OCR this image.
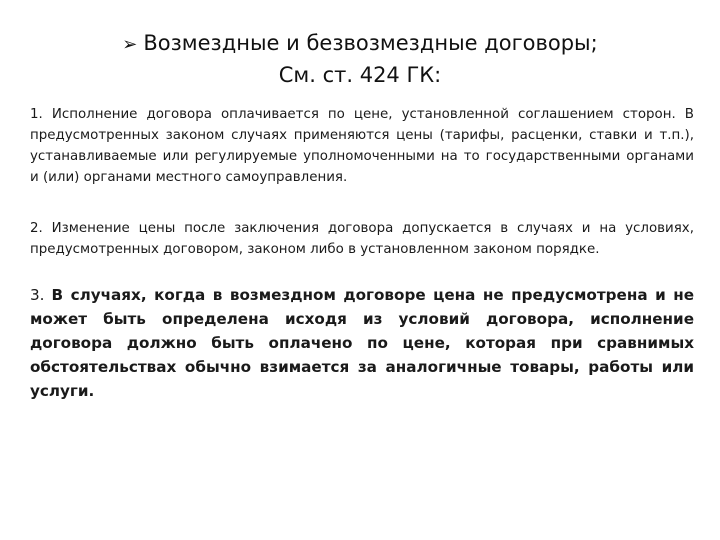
➢ Возмездные и безвозмездные договоры;
См. ст. 424 ГК:
1. Исполнение договора оплачивается по цене, установленной соглашением сторон. В предусмотренных законом случаях применяются цены (тарифы, расценки, ставки и т.п.), устанавливаемые или регулируемые уполномоченными на то государственными органами и (или) органами местного самоуправления.
2. Изменение цены после заключения договора допускается в случаях и на условиях, предусмотренных договором, законом либо в установленном законом порядке.
3. В случаях, когда в возмездном договоре цена не предусмотрена и не может быть определена исходя из условий договора, исполнение договора должно быть оплачено по цене, которая при сравнимых обстоятельствах обычно взимается за аналогичные товары, работы или услуги.
